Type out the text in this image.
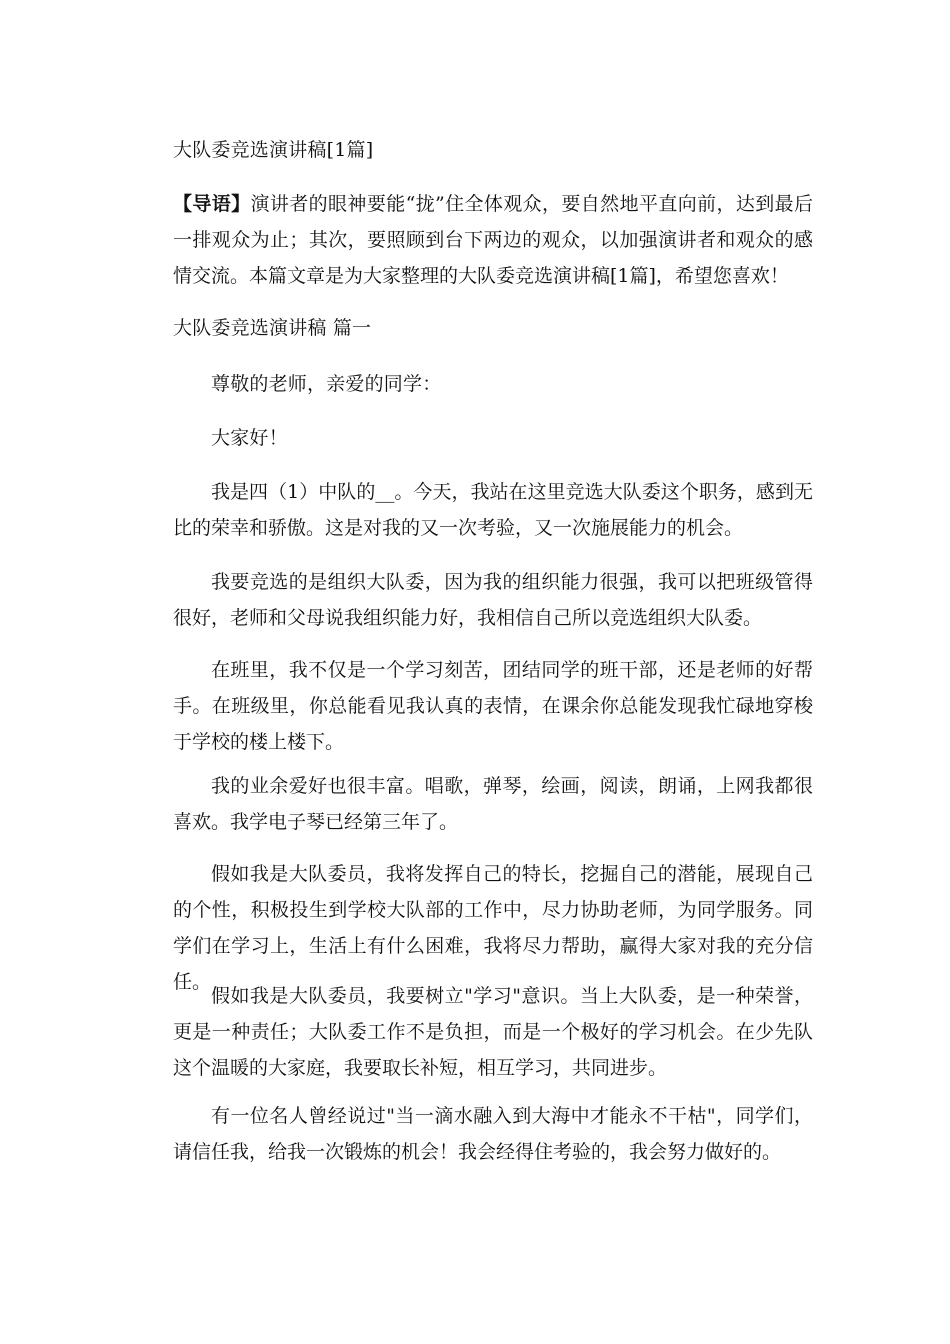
大队委竞选演讲稿[1篇]

【导语】演讲者的眼神要能“拢”住全体观众，要自然地平直向前，达到最后一排观众为止；其次，要照顾到台下两边的观众，以加强演讲者和观众的感情交流。本篇文章是为大家整理的大队委竞选演讲稿[1篇]，希望您喜欢！

大队委竞选演讲稿 篇一
尊敬的老师，亲爱的同学：
大家好！

我是四（1）中队的__。今天，我站在这里竞选大队委这个职务，感到无比的荣幸和骄傲。这是对我的又一次考验，又一次施展能力的机会。

我要竞选的是组织大队委，因为我的组织能力很强，我可以把班级管得很好，老师和父母说我组织能力好，我相信自己所以竞选组织大队委。

在班里，我不仅是一个学习刻苦，团结同学的班干部，还是老师的好帮手。在班级里，你总能看见我认真的表情，在课余你总能发现我忙碌地穿梭于学校的楼上楼下。

我的业余爱好也很丰富。唱歌，弹琴，绘画，阅读，朗诵，上网我都很喜欢。我学电子琴已经第三年了。

假如我是大队委员，我将发挥自己的特长，挖掘自己的潜能，展现自己的个性，积极投生到学校大队部的工作中，尽力协助老师，为同学服务。同学们在学习上，生活上有什么困难，我将尽力帮助，赢得大家对我的充分信任。

假如我是大队委员，我要树立"学习"意识。当上大队委，是一种荣誉，更是一种责任；大队委工作不是负担，而是一个极好的学习机会。在少先队这个温暖的大家庭，我要取长补短，相互学习，共同进步。

有一位名人曾经说过"当一滴水融入到大海中才能永不干枯"，同学们，请信任我，给我一次锻炼的机会！我会经得住考验的，我会努力做好的。
